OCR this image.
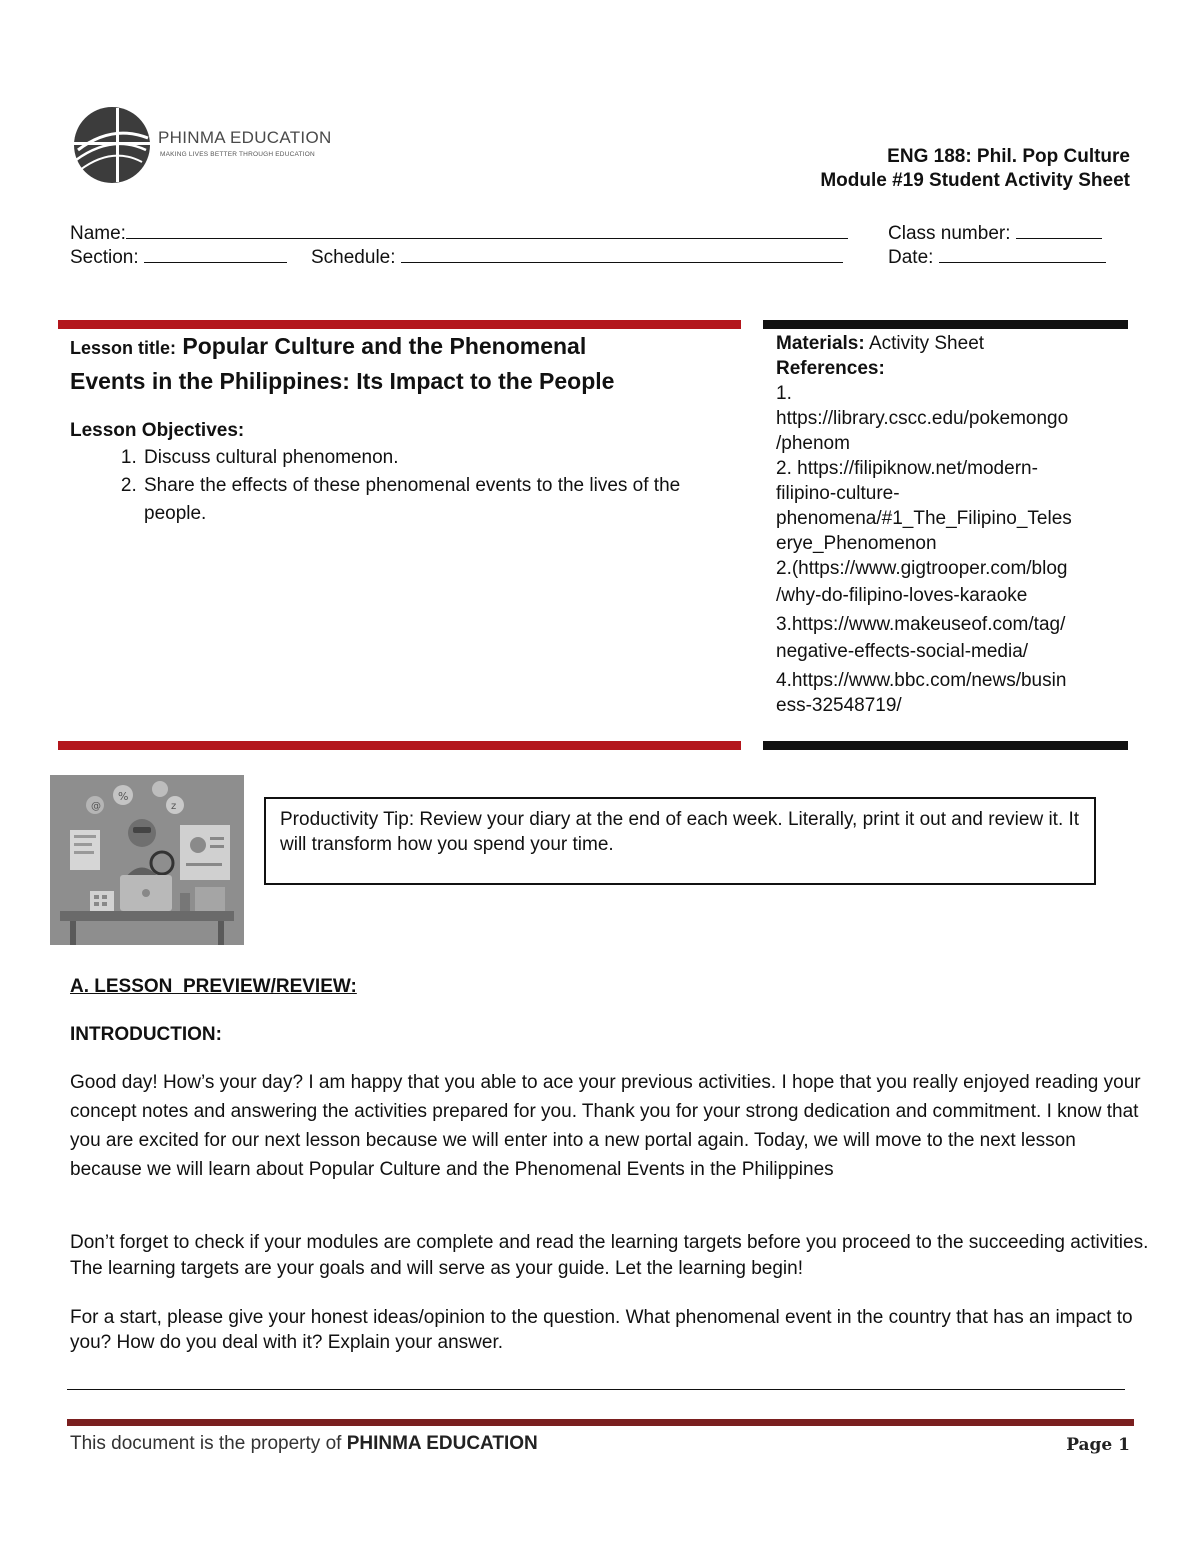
PHINMA EDUCATION
MAKING LIVES BETTER THROUGH EDUCATION	ENG 188: Phil. Pop Culture
Module #19 Student Activity Sheet
Name:	Class number:
Section:	Schedule:	Date:
Lesson title: Popular Culture and the Phenomenal
Events in the Philippines: Its Impact to the People
Lesson Objectives:
1. Discuss cultural phenomenon.
2. Share the effects of these phenomenal events to the lives of the people.
Materials: Activity Sheet
References:
1.
https://library.cscc.edu/pokemongo
/phenom
2. https://filipiknow.net/modern-
filipino-culture-
phenomena/#1_The_Filipino_Teles
erye_Phenomenon
2.(https://www.gigtrooper.com/blog
/why-do-filipino-loves-karaoke
3.https://www.makeuseof.com/tag/
negative-effects-social-media/
4.https://www.bbc.com/news/busin
ess-32548719/
@
%
z
Productivity Tip: Review your diary at the end of each week. Literally, print it out and review it. It will transform how you spend your time.
A. LESSON  PREVIEW/REVIEW:
INTRODUCTION:
Good day! How’s your day? I am happy that you able to ace your previous activities. I hope that you really enjoyed reading your concept notes and answering the activities prepared for you. Thank you for your strong dedication and commitment. I know that you are excited for our next lesson because we will enter into a new portal again. Today, we will move to the next lesson because we will learn about Popular Culture and the Phenomenal Events in the Philippines
Don’t forget to check if your modules are complete and read the learning targets before you proceed to the succeeding activities. The learning targets are your goals and will serve as your guide. Let the learning begin!
For a start, please give your honest ideas/opinion to the question. What phenomenal event in the country that has an impact to you? How do you deal with it? Explain your answer.
This document is the property of PHINMA EDUCATION	Page 1
